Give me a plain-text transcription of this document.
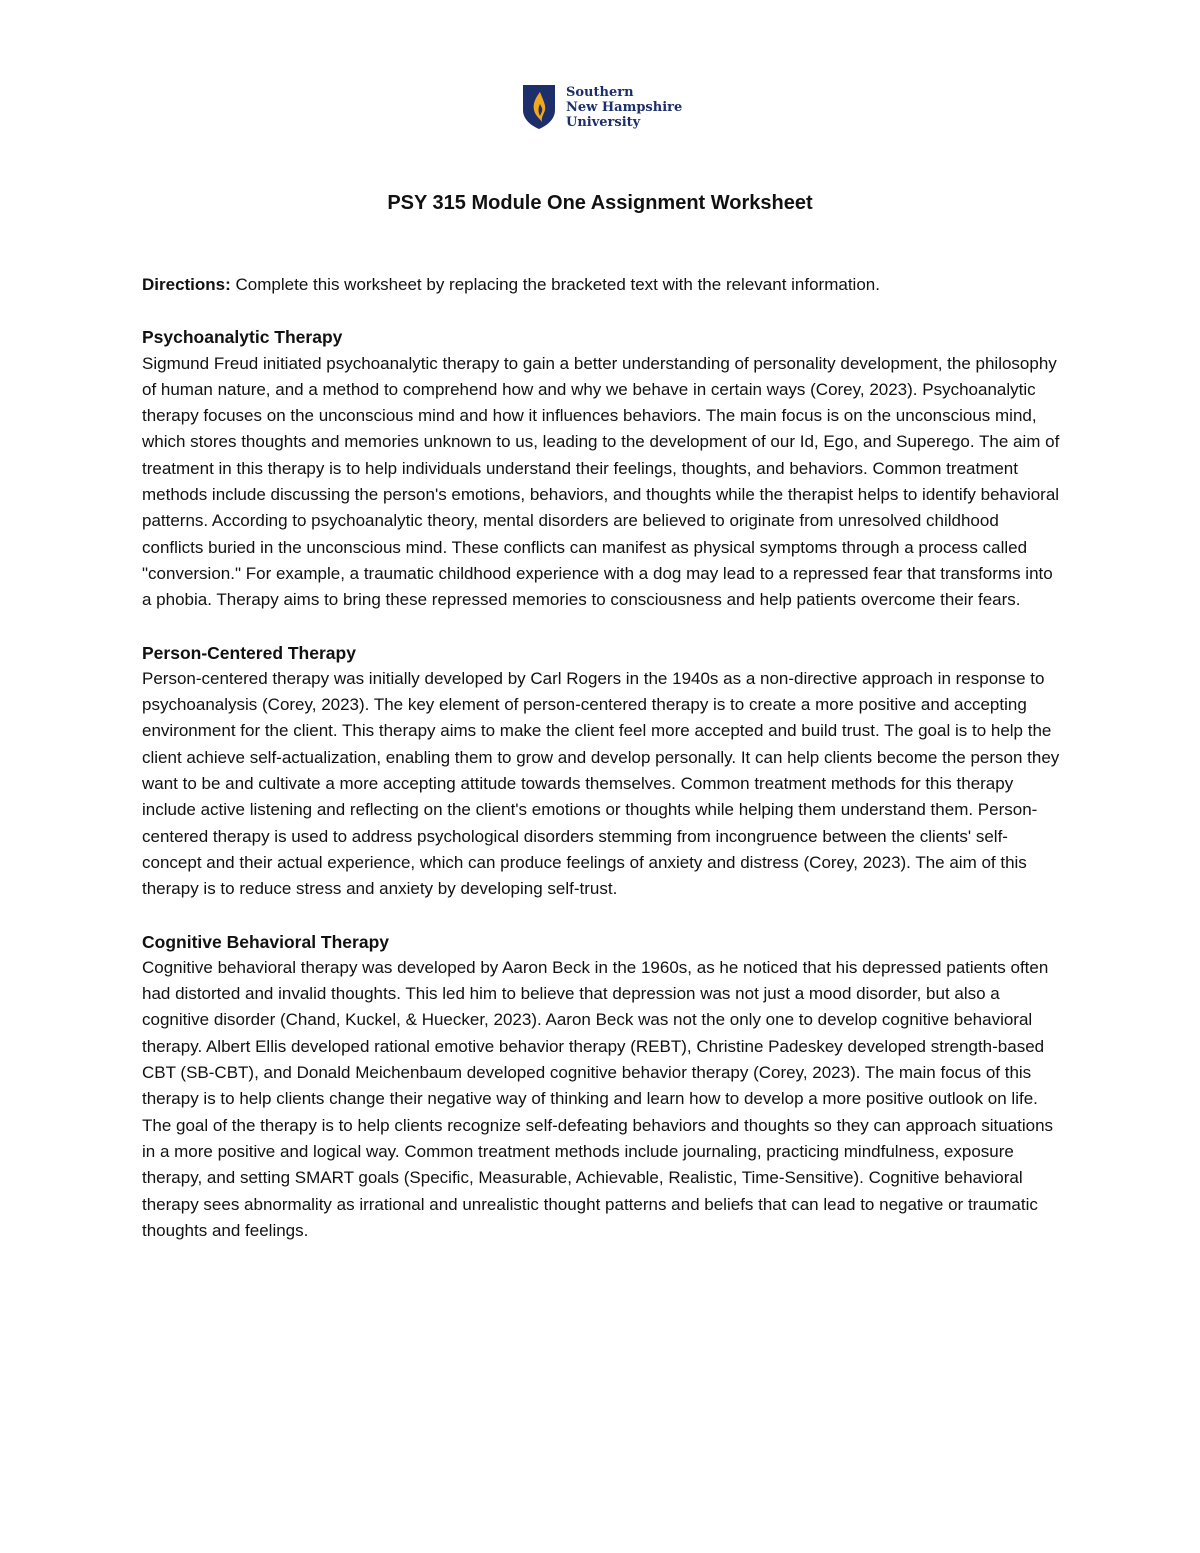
Southern
New Hampshire
University
PSY 315 Module One Assignment Worksheet

Directions: Complete this worksheet by replacing the bracketed text with the relevant information.

Psychoanalytic Therapy

Sigmund Freud initiated psychoanalytic therapy to gain a better understanding of personality development, the philosophy of human nature, and a method to comprehend how and why we behave in certain ways (Corey, 2023). Psychoanalytic therapy focuses on the unconscious mind and how it influences behaviors. The main focus is on the unconscious mind, which stores thoughts and memories unknown to us, leading to the development of our Id, Ego, and Superego. The aim of treatment in this therapy is to help individuals understand their feelings, thoughts, and behaviors. Common treatment methods include discussing the person's emotions, behaviors, and thoughts while the therapist helps to identify behavioral patterns. According to psychoanalytic theory, mental disorders are believed to originate from unresolved childhood conflicts buried in the unconscious mind. These conflicts can manifest as physical symptoms through a process called "conversion." For example, a traumatic childhood experience with a dog may lead to a repressed fear that transforms into a phobia. Therapy aims to bring these repressed memories to consciousness and help patients overcome their fears.

Person-Centered Therapy

Person-centered therapy was initially developed by Carl Rogers in the 1940s as a non-directive approach in response to psychoanalysis (Corey, 2023). The key element of person-centered therapy is to create a more positive and accepting environment for the client. This therapy aims to make the client feel more accepted and build trust. The goal is to help the client achieve self-actualization, enabling them to grow and develop personally. It can help clients become the person they want to be and cultivate a more accepting attitude towards themselves. Common treatment methods for this therapy include active listening and reflecting on the client's emotions or thoughts while helping them understand them. Person-centered therapy is used to address psychological disorders stemming from incongruence between the clients' self-concept and their actual experience, which can produce feelings of anxiety and distress (Corey, 2023). The aim of this therapy is to reduce stress and anxiety by developing self-trust.

Cognitive Behavioral Therapy

Cognitive behavioral therapy was developed by Aaron Beck in the 1960s, as he noticed that his depressed patients often had distorted and invalid thoughts. This led him to believe that depression was not just a mood disorder, but also a cognitive disorder (Chand, Kuckel, & Huecker, 2023). Aaron Beck was not the only one to develop cognitive behavioral therapy. Albert Ellis developed rational emotive behavior therapy (REBT), Christine Padeskey developed strength-based CBT (SB-CBT), and Donald Meichenbaum developed cognitive behavior therapy (Corey, 2023). The main focus of this therapy is to help clients change their negative way of thinking and learn how to develop a more positive outlook on life. The goal of the therapy is to help clients recognize self-defeating behaviors and thoughts so they can approach situations in a more positive and logical way. Common treatment methods include journaling, practicing mindfulness, exposure therapy, and setting SMART goals (Specific, Measurable, Achievable, Realistic, Time-Sensitive). Cognitive behavioral therapy sees abnormality as irrational and unrealistic thought patterns and beliefs that can lead to negative or traumatic thoughts and feelings.
